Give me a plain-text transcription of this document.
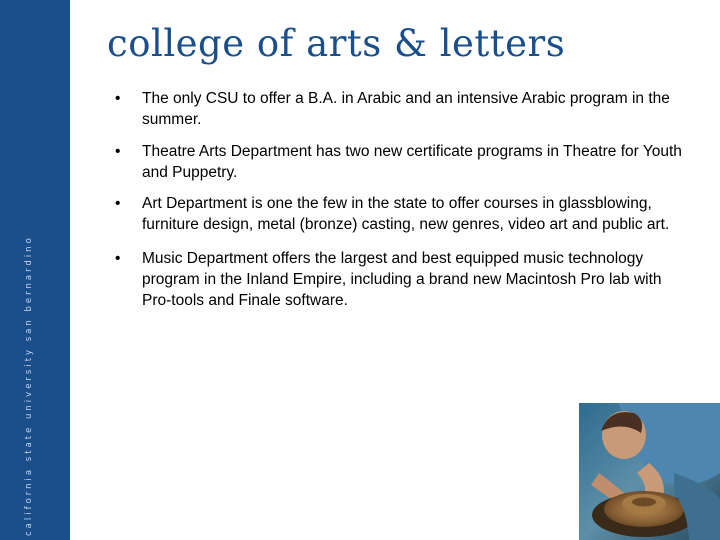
california state university san bernardino
college of arts & letters
• The only CSU to offer a B.A. in Arabic and an intensive Arabic program in the summer.
• Theatre Arts Department has two new certificate programs in Theatre for Youth and Puppetry.
• Art Department is one the few in the state to offer courses in glassblowing, furniture design, metal (bronze) casting, new genres, video art and public art.
• Music Department offers the largest and best equipped music technology program in the Inland Empire, including a brand new Macintosh Pro lab with Pro-tools and Finale software.
